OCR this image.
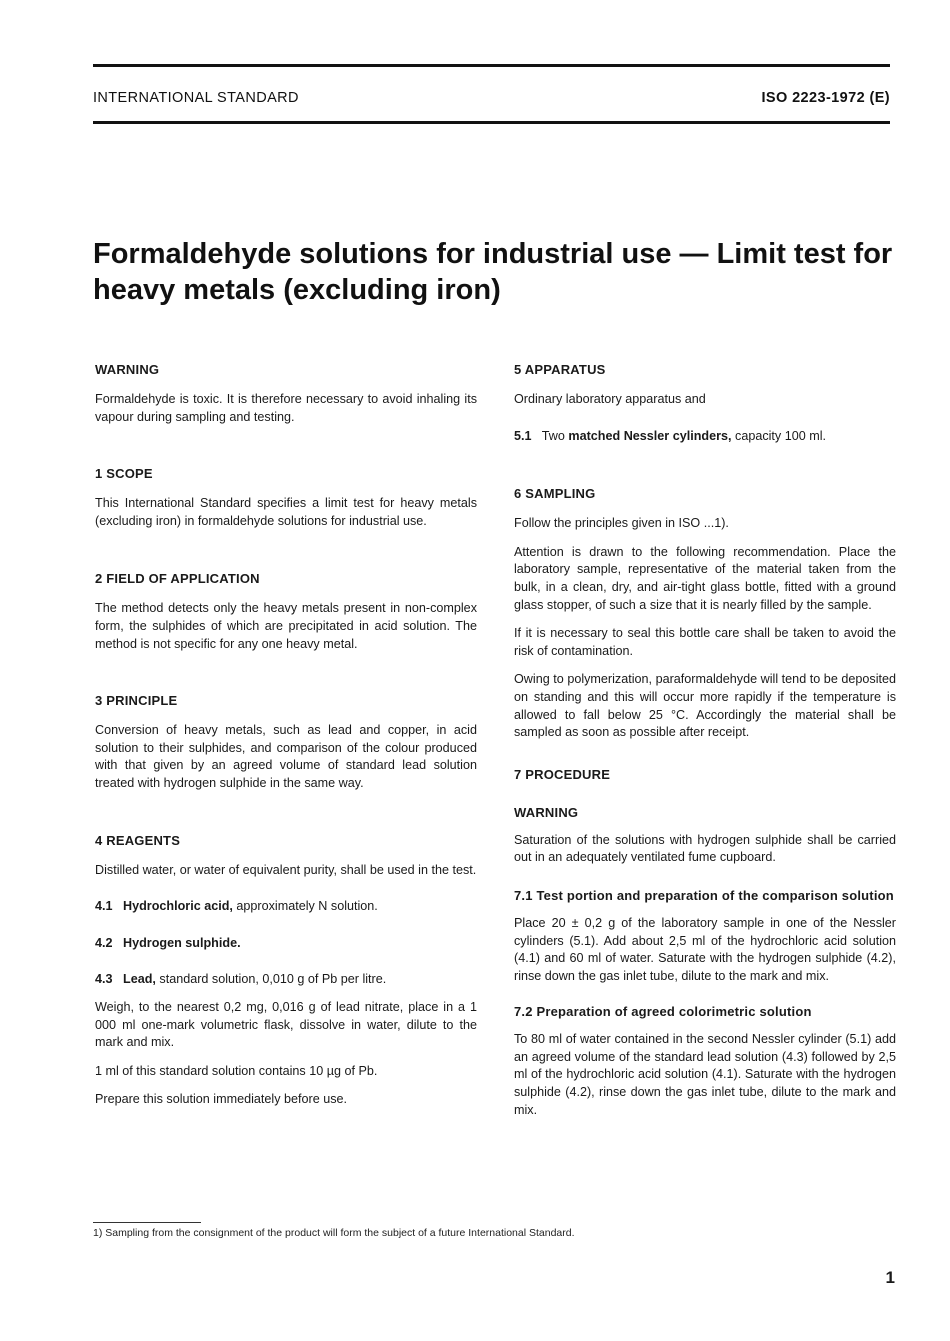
INTERNATIONAL STANDARD	ISO 2223-1972 (E)
Formaldehyde solutions for industrial use — Limit test for
heavy metals (excluding iron)

WARNING

Formaldehyde is toxic. It is therefore necessary to avoid inhaling its vapour during sampling and testing.

1 SCOPE

This International Standard specifies a limit test for heavy metals (excluding iron) in formaldehyde solutions for industrial use.

2 FIELD OF APPLICATION

The method detects only the heavy metals present in non-complex form, the sulphides of which are precipitated in acid solution. The method is not specific for any one heavy metal.

3 PRINCIPLE

Conversion of heavy metals, such as lead and copper, in acid solution to their sulphides, and comparison of the colour produced with that given by an agreed volume of standard lead solution treated with hydrogen sulphide in the same way.

4 REAGENTS

Distilled water, or water of equivalent purity, shall be used in the test.

4.1 Hydrochloric acid, approximately N solution.

4.2 Hydrogen sulphide.

4.3 Lead, standard solution, 0,010 g of Pb per litre.

Weigh, to the nearest 0,2 mg, 0,016 g of lead nitrate, place in a 1 000 ml one-mark volumetric flask, dissolve in water, dilute to the mark and mix.

1 ml of this standard solution contains 10 µg of Pb.

Prepare this solution immediately before use.

5 APPARATUS

Ordinary laboratory apparatus and

5.1 Two matched Nessler cylinders, capacity 100 ml.

6 SAMPLING

Follow the principles given in ISO ...1).

Attention is drawn to the following recommendation. Place the laboratory sample, representative of the material taken from the bulk, in a clean, dry, and air-tight glass bottle, fitted with a ground glass stopper, of such a size that it is nearly filled by the sample.

If it is necessary to seal this bottle care shall be taken to avoid the risk of contamination.

Owing to polymerization, paraformaldehyde will tend to be deposited on standing and this will occur more rapidly if the temperature is allowed to fall below 25 °C. Accordingly the material shall be sampled as soon as possible after receipt.

7 PROCEDURE

WARNING

Saturation of the solutions with hydrogen sulphide shall be carried out in an adequately ventilated fume cupboard.

7.1 Test portion and preparation of the comparison solution

Place 20 ± 0,2 g of the laboratory sample in one of the Nessler cylinders (5.1). Add about 2,5 ml of the hydrochloric acid solution (4.1) and 60 ml of water. Saturate with the hydrogen sulphide (4.2), rinse down the gas inlet tube, dilute to the mark and mix.

7.2 Preparation of agreed colorimetric solution

To 80 ml of water contained in the second Nessler cylinder (5.1) add an agreed volume of the standard lead solution (4.3) followed by 2,5 ml of the hydrochloric acid solution (4.1). Saturate with the hydrogen sulphide (4.2), rinse down the gas inlet tube, dilute to the mark and mix.

1) Sampling from the consignment of the product will form the subject of a future International Standard.
1
